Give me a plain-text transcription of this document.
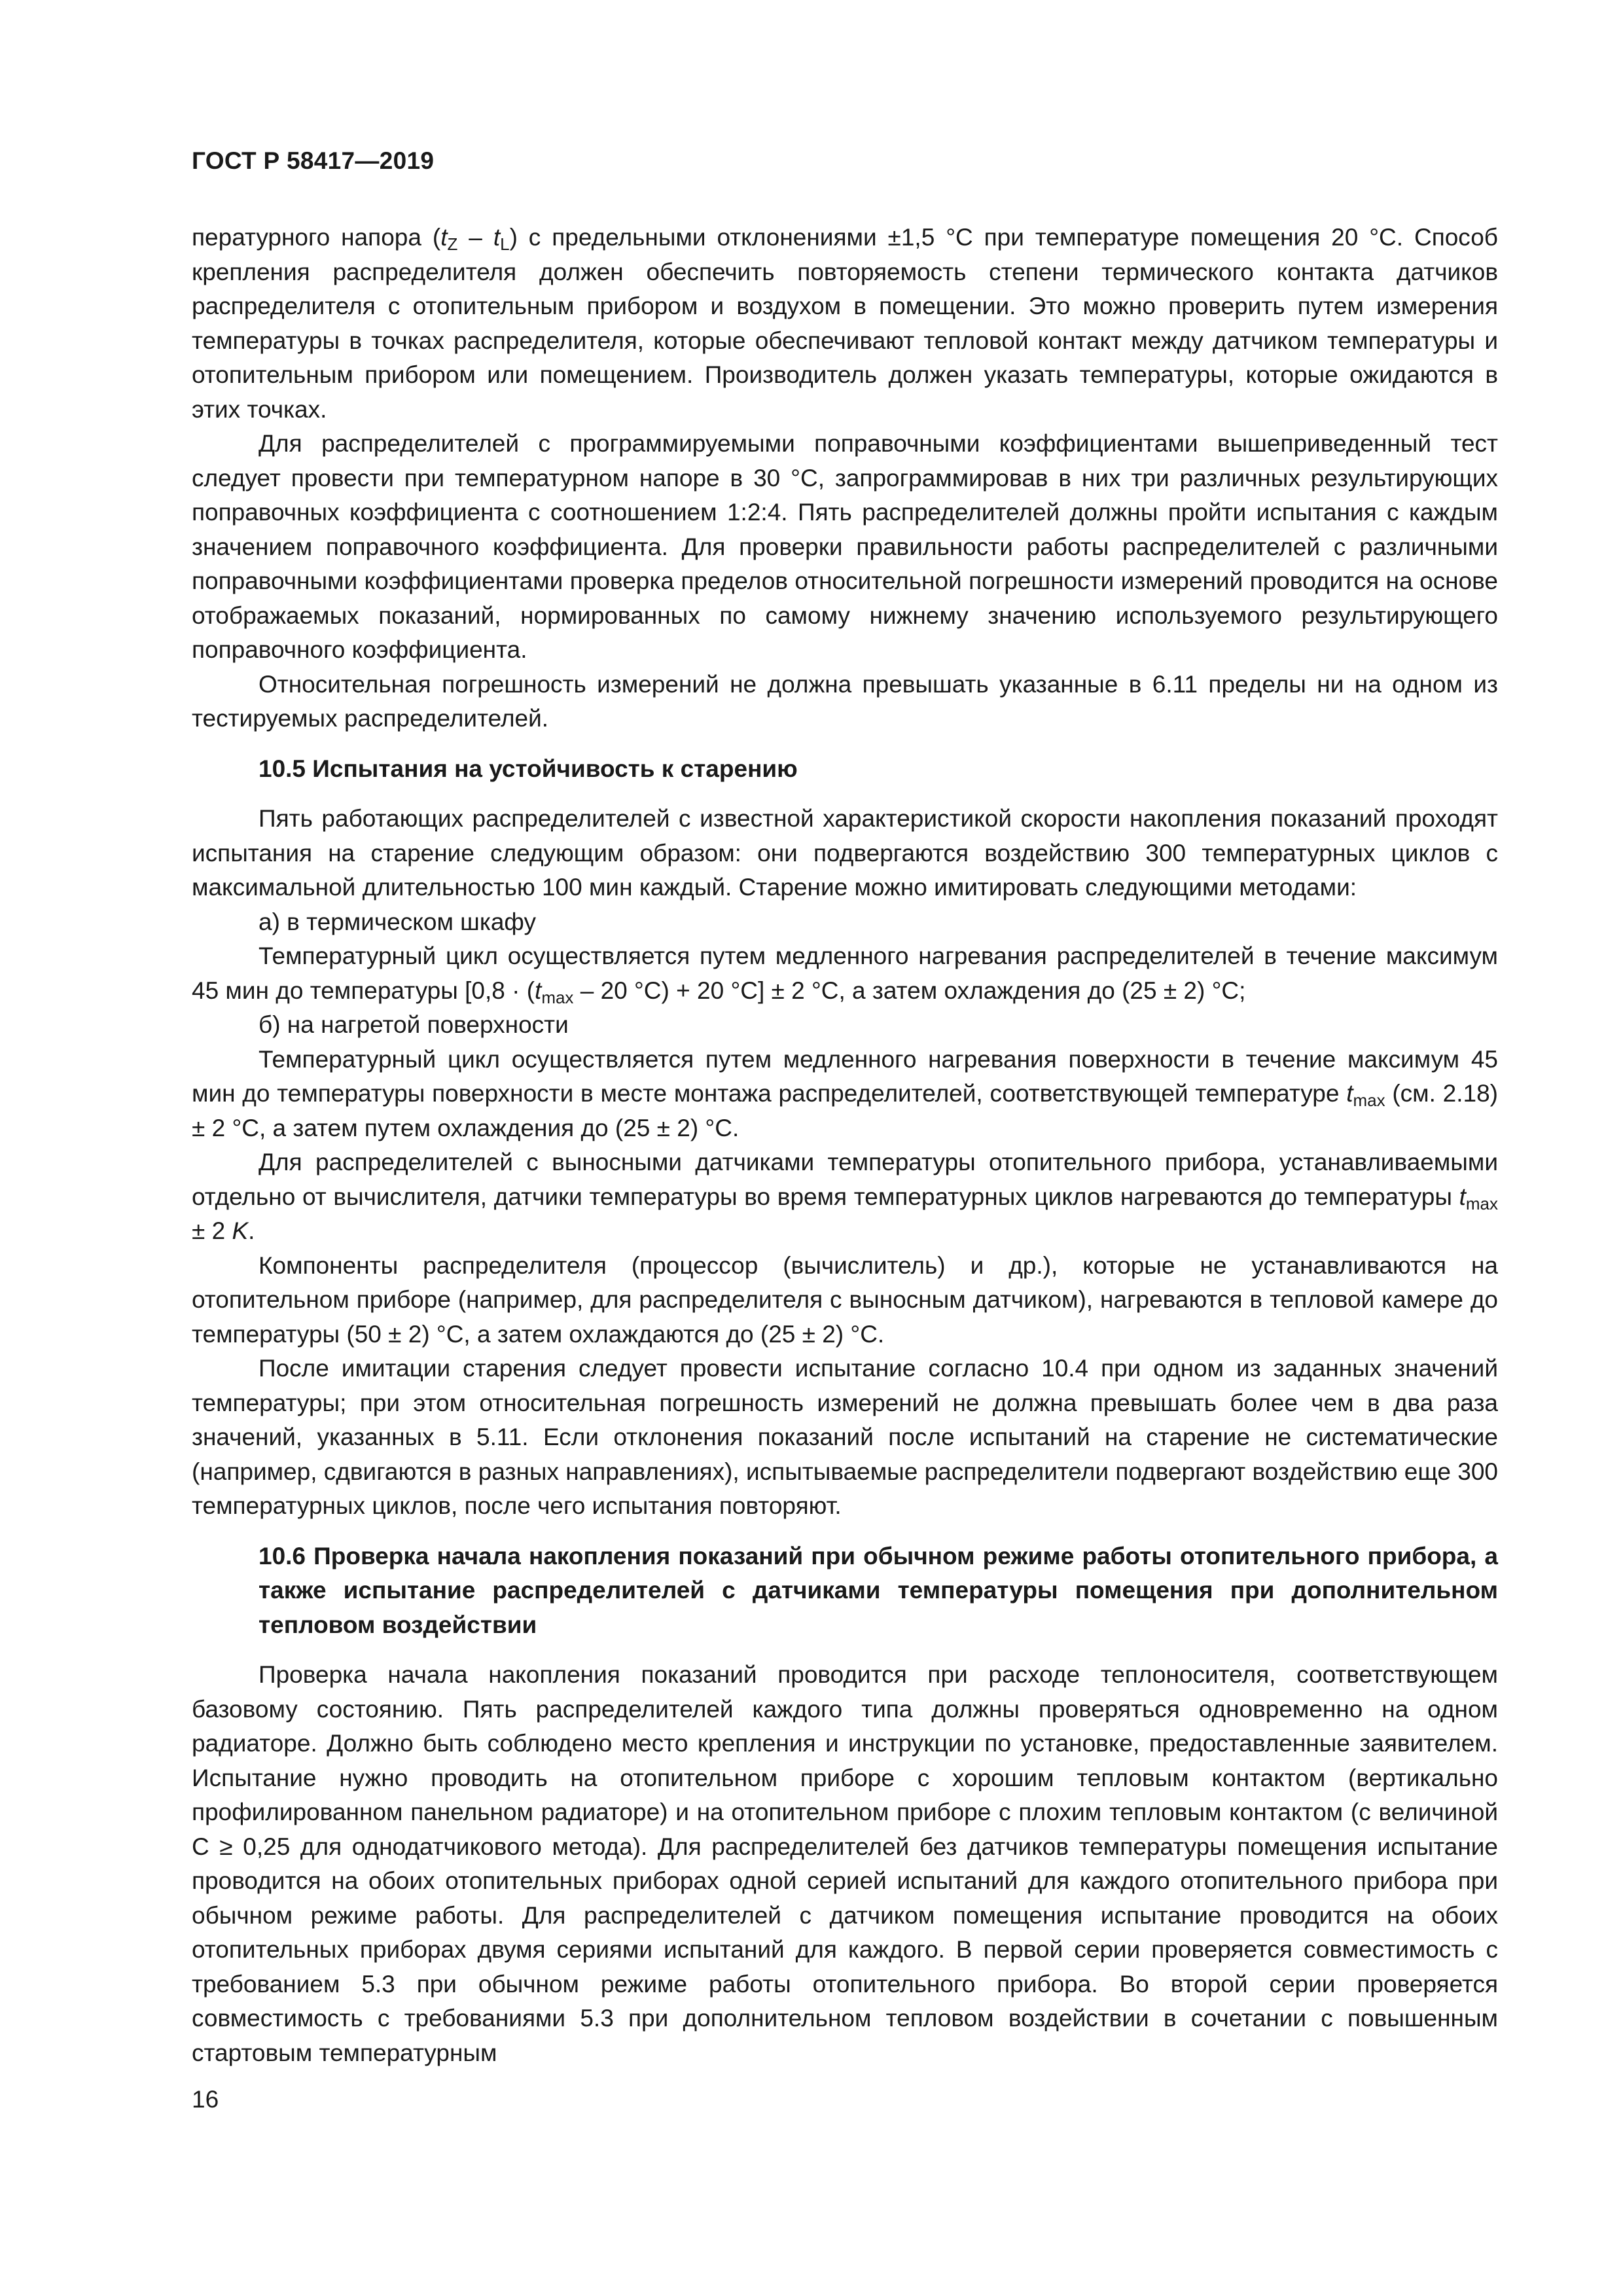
ГОСТ Р 58417—2019

пературного напора $(t_Z - t_L)$ с предельными отклонениями ±1,5 °С при температуре помещения 20 °С. Способ крепления распределителя должен обеспечить повторяемость степени термического контакта датчиков распределителя с отопительным прибором и воздухом в помещении. Это можно проверить путем измерения температуры в точках распределителя, которые обеспечивают тепловой контакт между датчиком температуры и отопительным прибором или помещением. Производитель должен указать температуры, которые ожидаются в этих точках.

Для распределителей с программируемыми поправочными коэффициентами вышеприведенный тест следует провести при температурном напоре в 30 °С, запрограммировав в них три различных результирующих поправочных коэффициента с соотношением 1:2:4. Пять распределителей должны пройти испытания с каждым значением поправочного коэффициента. Для проверки правильности работы распределителей с различными поправочными коэффициентами проверка пределов относительной погрешности измерений проводится на основе отображаемых показаний, нормированных по самому нижнему значению используемого результирующего поправочного коэффициента.

Относительная погрешность измерений не должна превышать указанные в 6.11 пределы ни на одном из тестируемых распределителей.

10.5 Испытания на устойчивость к старению

Пять работающих распределителей с известной характеристикой скорости накопления показаний проходят испытания на старение следующим образом: они подвергаются воздействию 300 температурных циклов с максимальной длительностью 100 мин каждый. Старение можно имитировать следующими методами:

а) в термическом шкафу

Температурный цикл осуществляется путем медленного нагревания распределителей в течение максимум 45 мин до температуры [$0,8 \cdot (t_{max} - 20$ °С) + 20 °С] ± 2 °С, а затем охлаждения до (25 ± 2) °С;

б) на нагретой поверхности

Температурный цикл осуществляется путем медленного нагревания поверхности в течение максимум 45 мин до температуры поверхности в месте монтажа распределителей, соответствующей температуре $t_{max}$ (см. 2.18) ± 2 °С, а затем путем охлаждения до (25 ± 2) °С.

Для распределителей с выносными датчиками температуры отопительного прибора, устанавливаемыми отдельно от вычислителя, датчики температуры во время температурных циклов нагреваются до температуры $t_{max} \pm 2$ K.

Компоненты распределителя (процессор (вычислитель) и др.), которые не устанавливаются на отопительном приборе (например, для распределителя с выносным датчиком), нагреваются в тепловой камере до температуры (50 ± 2) °С, а затем охлаждаются до (25 ± 2) °С.

После имитации старения следует провести испытание согласно 10.4 при одном из заданных значений температуры; при этом относительная погрешность измерений не должна превышать более чем в два раза значений, указанных в 5.11. Если отклонения показаний после испытаний на старение не систематические (например, сдвигаются в разных направлениях), испытываемые распределители подвергают воздействию еще 300 температурных циклов, после чего испытания повторяют.

10.6 Проверка начала накопления показаний при обычном режиме работы отопительного прибора, а также испытание распределителей с датчиками температуры помещения при дополнительном тепловом воздействии

Проверка начала накопления показаний проводится при расходе теплоносителя, соответствующем базовому состоянию. Пять распределителей каждого типа должны проверяться одновременно на одном радиаторе. Должно быть соблюдено место крепления и инструкции по установке, предоставленные заявителем. Испытание нужно проводить на отопительном приборе с хорошим тепловым контактом (вертикально профилированном панельном радиаторе) и на отопительном приборе с плохим тепловым контактом (с величиной С ≥ 0,25 для однодатчикового метода). Для распределителей без датчиков температуры помещения испытание проводится на обоих отопительных приборах одной серией испытаний для каждого отопительного прибора при обычном режиме работы. Для распределителей с датчиком помещения испытание проводится на обоих отопительных приборах двумя сериями испытаний для каждого. В первой серии проверяется совместимость с требованием 5.3 при обычном режиме работы отопительного прибора. Во второй серии проверяется совместимость с требованиями 5.3 при дополнительном тепловом воздействии в сочетании с повышенным стартовым температурным

16
